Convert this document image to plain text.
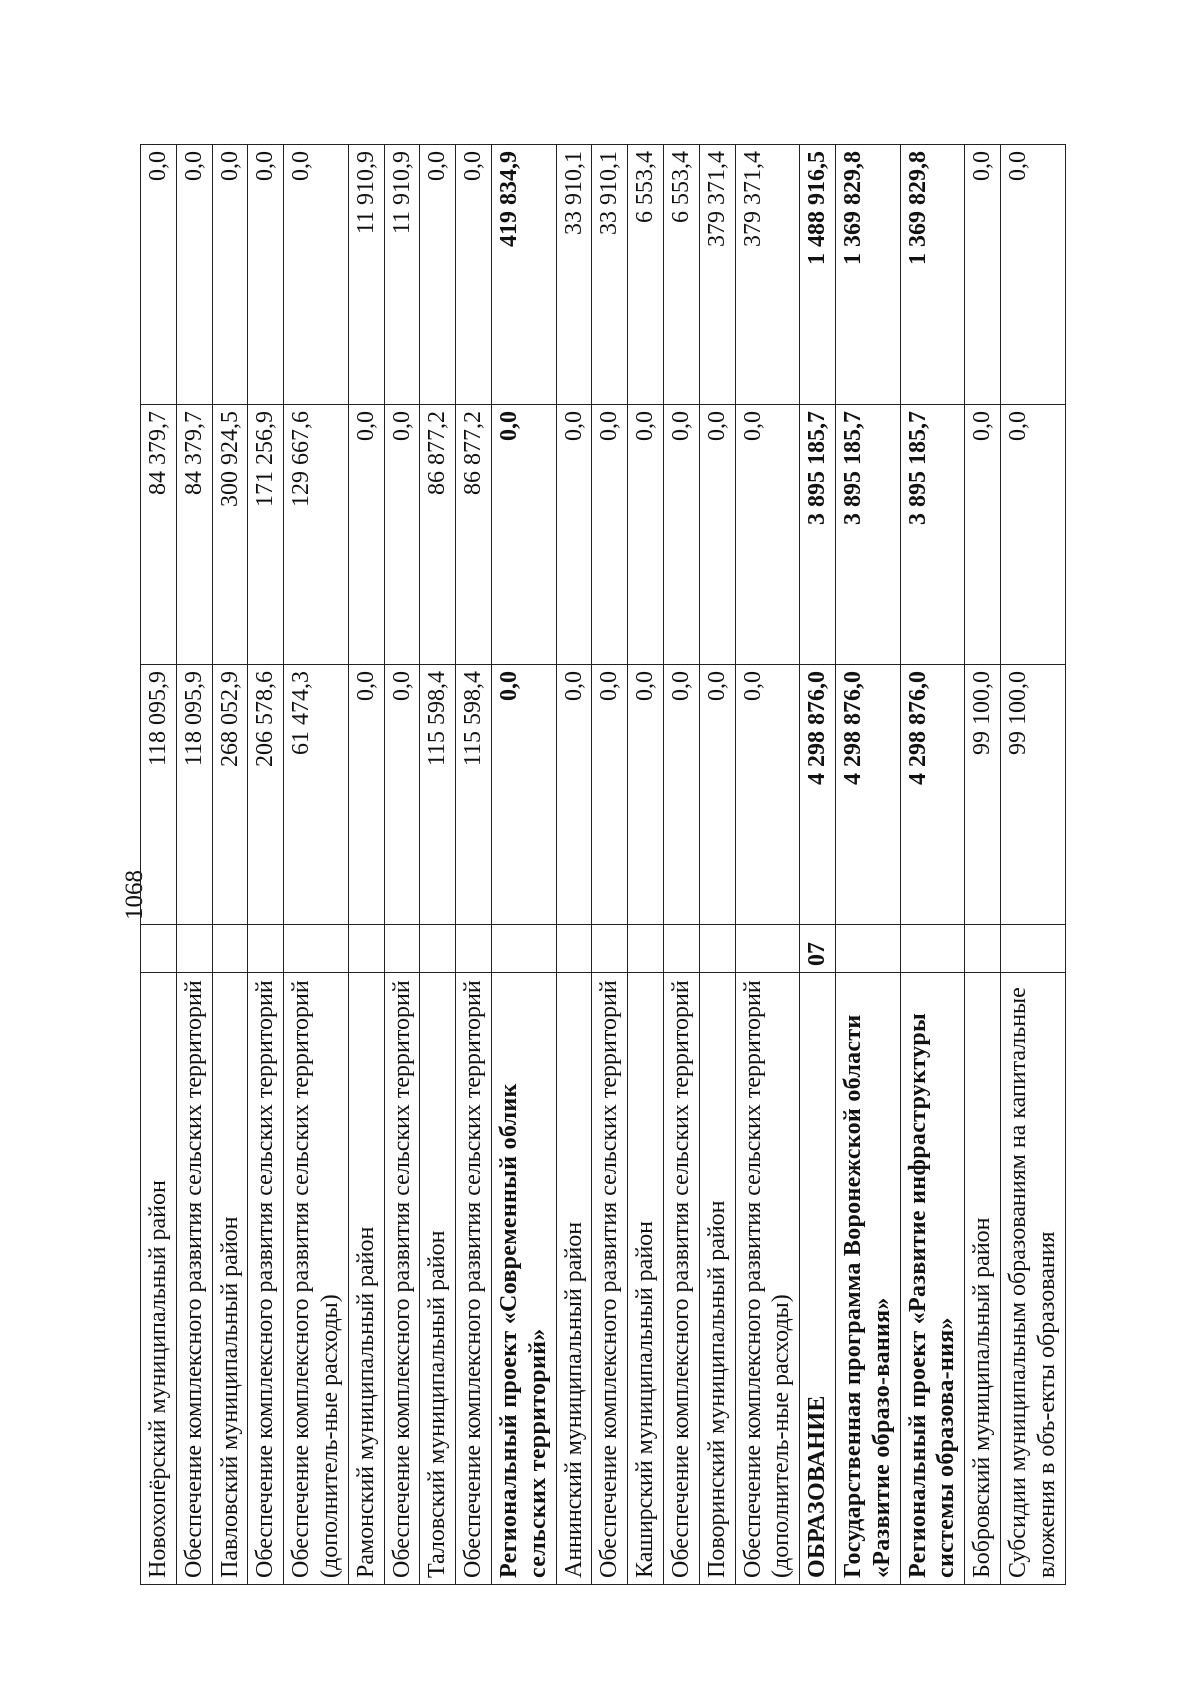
1068
Новохопёрский муниципальный район		118 095,9	84 379,7	0,0
Обеспечение комплексного развития сельских территорий		118 095,9	84 379,7	0,0
Павловский муниципальный район		268 052,9	300 924,5	0,0
Обеспечение комплексного развития сельских территорий		206 578,6	171 256,9	0,0
Обеспечение комплексного развития сельских территорий (дополнитель-ные расходы)		61 474,3	129 667,6	0,0
Рамонский муниципальный район		0,0	0,0	11 910,9
Обеспечение комплексного развития сельских территорий		0,0	0,0	11 910,9
Таловский муниципальный район		115 598,4	86 877,2	0,0
Обеспечение комплексного развития сельских территорий		115 598,4	86 877,2	0,0
Региональный проект «Современный облик сельских территорий»		0,0	0,0	419 834,9
Аннинский муниципальный район		0,0	0,0	33 910,1
Обеспечение комплексного развития сельских территорий		0,0	0,0	33 910,1
Каширский муниципальный район		0,0	0,0	6 553,4
Обеспечение комплексного развития сельских территорий		0,0	0,0	6 553,4
Поворинский муниципальный район		0,0	0,0	379 371,4
Обеспечение комплексного развития сельских территорий (дополнитель-ные расходы)		0,0	0,0	379 371,4
ОБРАЗОВАНИЕ	07	4 298 876,0	3 895 185,7	1 488 916,5
Государственная программа Воронежской области «Развитие образо-вания»		4 298 876,0	3 895 185,7	1 369 829,8
Региональный проект «Развитие инфраструктуры системы образова-ния»		4 298 876,0	3 895 185,7	1 369 829,8
Бобровский муниципальный район		99 100,0	0,0	0,0
Субсидии муниципальным образованиям на капитальные вложения в объ-екты образования		99 100,0	0,0	0,0
